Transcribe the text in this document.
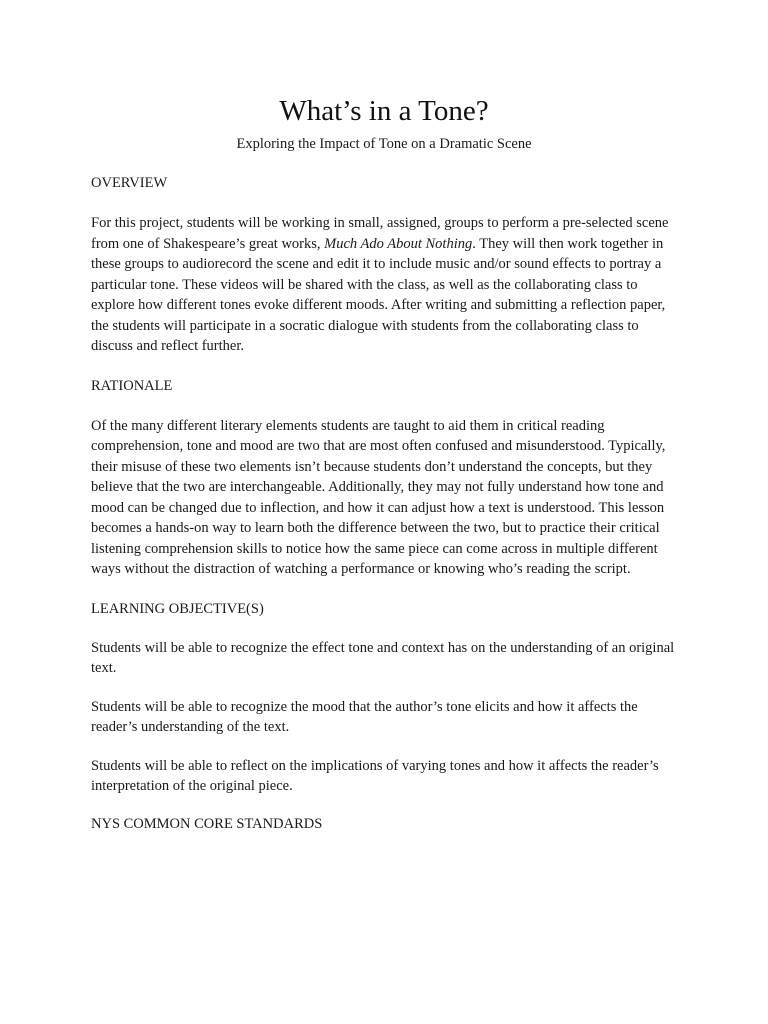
What’s in a Tone?
Exploring the Impact of Tone on a Dramatic Scene
OVERVIEW

For this project, students will be working in small, assigned, groups to perform a pre-selected scene from one of Shakespeare’s great works, Much Ado About Nothing. They will then work together in these groups to audiorecord the scene and edit it to include music and/or sound effects to portray a particular tone. These videos will be shared with the class, as well as the collaborating class to explore how different tones evoke different moods. After writing and submitting a reflection paper, the students will participate in a socratic dialogue with students from the collaborating class to discuss and reflect further.

RATIONALE

Of the many different literary elements students are taught to aid them in critical reading comprehension, tone and mood are two that are most often confused and misunderstood. Typically, their misuse of these two elements isn’t because students don’t understand the concepts, but they believe that the two are interchangeable. Additionally, they may not fully understand how tone and mood can be changed due to inflection, and how it can adjust how a text is understood. This lesson becomes a hands-on way to learn both the difference between the two, but to practice their critical listening comprehension skills to notice how the same piece can come across in multiple different ways without the distraction of watching a performance or knowing who’s reading the script.

LEARNING OBJECTIVE(S)

Students will be able to recognize the effect tone and context has on the understanding of an original text.

Students will be able to recognize the mood that the author’s tone elicits and how it affects the reader’s understanding of the text.

Students will be able to reflect on the implications of varying tones and how it affects the reader’s interpretation of the original piece.

NYS COMMON CORE STANDARDS
